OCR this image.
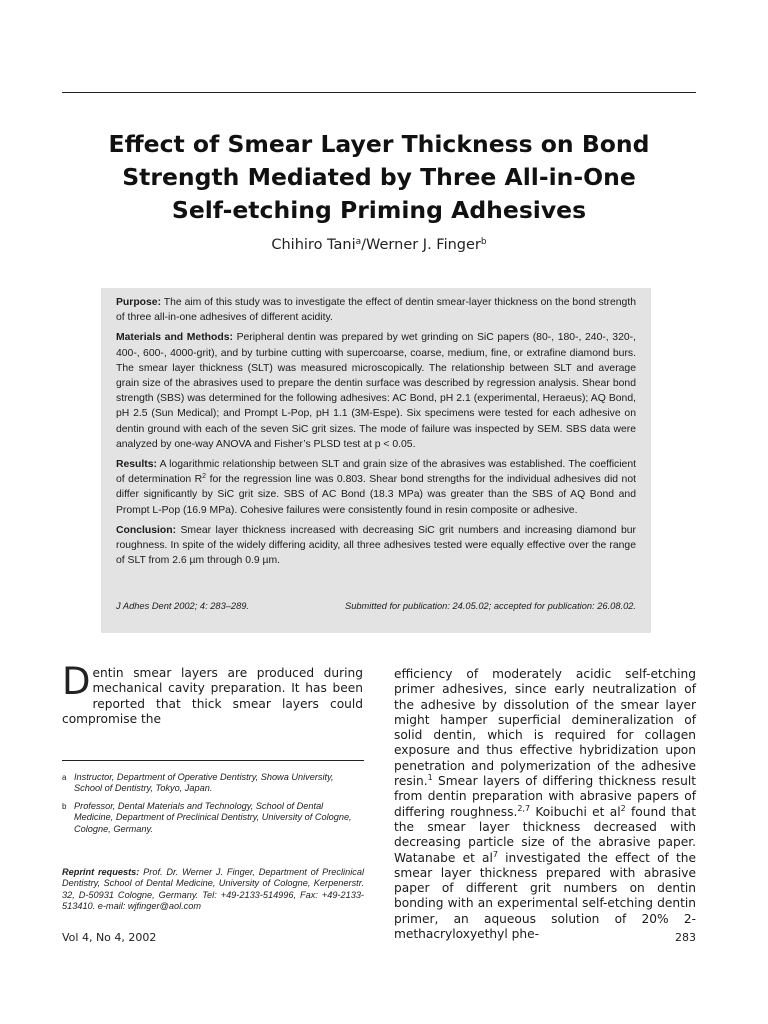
Effect of Smear Layer Thickness on Bond
Strength Mediated by Three All-in-One
Self-etching Priming Adhesives
Chihiro Tani$^a$/Werner J. Finger$^b$

Purpose: The aim of this study was to investigate the effect of dentin smear-layer thickness on the bond strength of three all-in-one adhesives of different acidity.

Materials and Methods: Peripheral dentin was prepared by wet grinding on SiC papers (80-, 180-, 240-, 320-, 400-, 600-, 4000-grit), and by turbine cutting with supercoarse, coarse, medium, fine, or extrafine diamond burs. The smear layer thickness (SLT) was measured microscopically. The relationship between SLT and average grain size of the abrasives used to prepare the dentin surface was described by regression analysis. Shear bond strength (SBS) was determined for the following adhesives: AC Bond, pH 2.1 (experimental, Heraeus); AQ Bond, pH 2.5 (Sun Medical); and Prompt L-Pop, pH 1.1 (3M-Espe). Six specimens were tested for each adhesive on dentin ground with each of the seven SiC grit sizes. The mode of failure was inspected by SEM. SBS data were analyzed by one-way ANOVA and Fisher’s PLSD test at p < 0.05.

Results: A logarithmic relationship between SLT and grain size of the abrasives was established. The coefficient of determination $R^2$ for the regression line was 0.803. Shear bond strengths for the individual adhesives did not differ significantly by SiC grit size. SBS of AC Bond (18.3 MPa) was greater than the SBS of AQ Bond and Prompt L-Pop (16.9 MPa). Cohesive failures were consistently found in resin composite or adhesive.

Conclusion: Smear layer thickness increased with decreasing SiC grit numbers and increasing diamond bur roughness. In spite of the widely differing acidity, all three adhesives tested were equally effective over the range of SLT from 2.6 µm through 0.9 µm.

J Adhes Dent 2002; 4: 283–289.	Submitted for publication: 24.05.02; accepted for publication: 26.08.02.

Dentin smear layers are produced during mechanical cavity preparation. It has been reported that thick smear layers could compromise the

efficiency of moderately acidic self-etching primer adhesives, since early neutralization of the adhesive by dissolution of the smear layer might hamper superficial demineralization of solid dentin, which is required for collagen exposure and thus effective hybridization upon penetration and polymerization of the adhesive resin.$^1$ Smear layers of differing thickness result from dentin preparation with abrasive papers of differing roughness.$^{2,7}$ Koibuchi et $al^2$ found that the smear layer thickness decreased with decreasing particle size of the abrasive paper. Watanabe et $al^7$ investigated the effect of the smear layer thickness prepared with abrasive paper of different grit numbers on dentin bonding with an experimental self-etching dentin primer, an aqueous solution of 20% 2-methacryloxyethyl phe-

a Instructor, Department of Operative Dentistry, Showa University, School of Dentistry, Tokyo, Japan.
b Professor, Dental Materials and Technology, School of Dental Medicine, Department of Preclinical Dentistry, University of Cologne, Cologne, Germany.
Reprint requests: Prof. Dr. Werner J. Finger, Department of Preclinical Dentistry, School of Dental Medicine, University of Cologne, Kerpenerstr. 32, D-50931 Cologne, Germany. Tel: +49-2133-514996, Fax: +49-2133-513410. e-mail: wjfinger@aol.com
Vol 4, No 4, 2002	283
